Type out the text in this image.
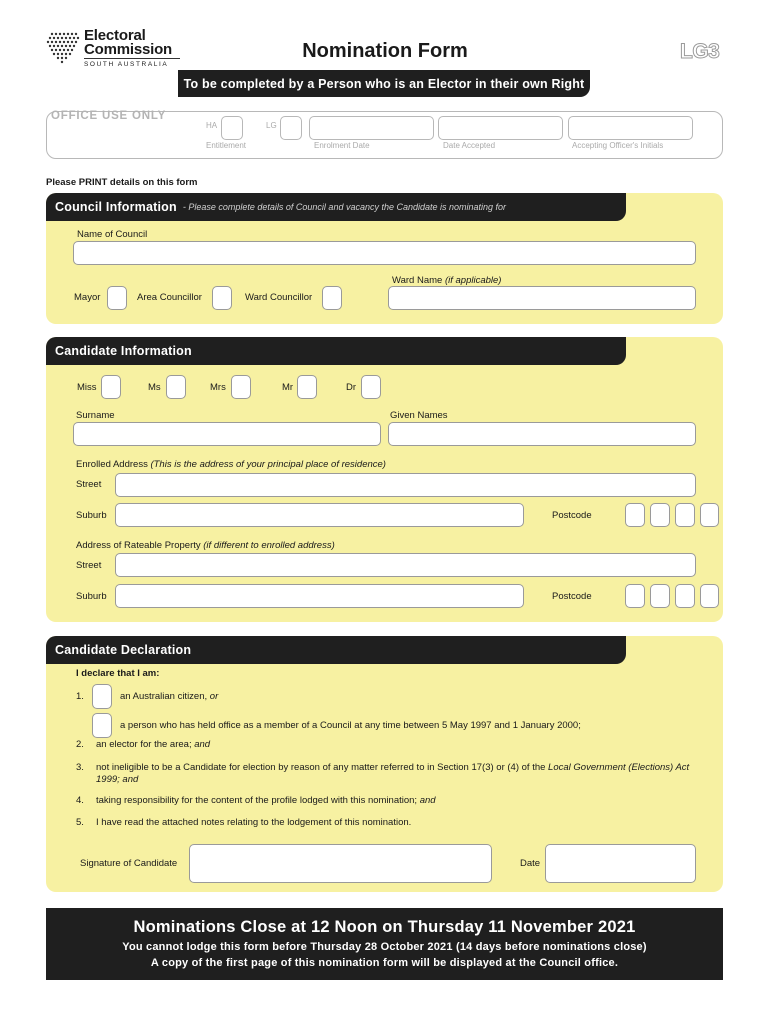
Electoral
Commission
SOUTH AUSTRALIA
Nomination Form	LG3
To be completed by a Person who is an Elector in their own Right
OFFICE USE ONLY
HA	LG
Entitlement	Enrolment Date	Date Accepted	Accepting Officer's Initials
Please PRINT details on this form
Council Information - Please complete details of Council and vacancy the Candidate is nominating for
Name of Council
Ward Name (if applicable)
Mayor	Area Councillor	Ward Councillor
Candidate Information
Miss	Ms	Mrs	Mr	Dr
Surname	Given Names
Enrolled Address (This is the address of your principal place of residence)
Street
Suburb	Postcode
Address of Rateable Property (if different to enrolled address)
Street
Suburb	Postcode
Candidate Declaration
I declare that I am:
1.	an Australian citizen, or
a person who has held office as a member of a Council at any time between 5 May 1997 and 1 January 2000;
2. an elector for the area; and
3. not ineligible to be a Candidate for election by reason of any matter referred to in Section 17(3) or (4) of the Local Government (Elections) Act 1999; and
4. taking responsibility for the content of the profile lodged with this nomination; and
5. I have read the attached notes relating to the lodgement of this nomination.
Signature of Candidate	Date
Nominations Close at 12 Noon on Thursday 11 November 2021
You cannot lodge this form before Thursday 28 October 2021 (14 days before nominations close)
A copy of the first page of this nomination form will be displayed at the Council office.
